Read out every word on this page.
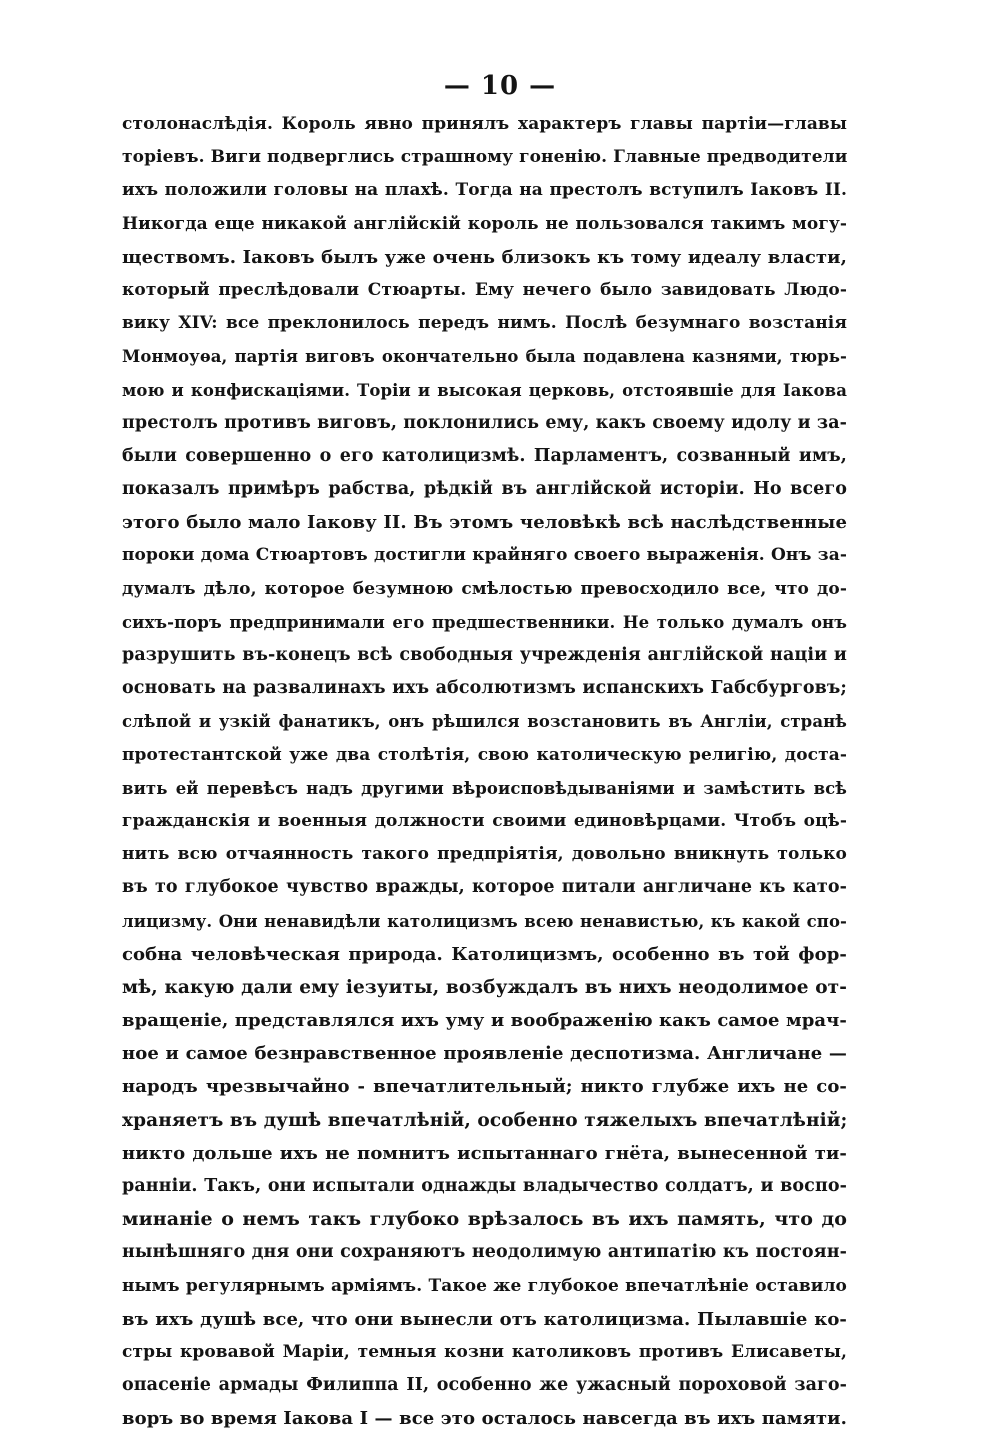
— 10 —
столонаслѣдія. Король явно принялъ характеръ главы партіи—главы
торіевъ. Виги подверглись страшному гоненію. Главные предводители
ихъ положили головы на плахѣ. Тогда на престолъ вступилъ Іаковъ II.
Никогда еще никакой англійскій король не пользовался такимъ могу-
ществомъ. Іаковъ былъ уже очень близокъ къ тому идеалу власти,
который преслѣдовали Стюарты. Ему нечего было завидовать Людо-
вику XIV: все преклонилось передъ нимъ. Послѣ безумнаго возстанія
Монмоуѳа, партія виговъ окончательно была подавлена казнями, тюрь-
мою и конфискаціями. Торіи и высокая церковь, отстоявшіе для Іакова
престолъ противъ виговъ, поклонились ему, какъ своему идолу и за-
были совершенно о его католицизмѣ. Парламентъ, созванный имъ,
показалъ примѣръ рабства, рѣдкій въ англійской исторіи. Но всего
этого было мало Іакову II. Въ этомъ человѣкѣ всѣ наслѣдственные
пороки дома Стюартовъ достигли крайняго своего выраженія. Онъ за-
думалъ дѣло, которое безумною смѣлостью превосходило все, что до-
сихъ-поръ предпринимали его предшественники. Не только думалъ онъ
разрушить въ-конецъ всѣ свободныя учрежденія англійской націи и
основать на развалинахъ ихъ абсолютизмъ испанскихъ Габсбурговъ;
слѣпой и узкій фанатикъ, онъ рѣшился возстановить въ Англіи, странѣ
протестантской уже два столѣтія, свою католическую религію, доста-
вить ей перевѣсъ надъ другими вѣроисповѣдываніями и замѣстить всѣ
гражданскія и военныя должности своими единовѣрцами. Чтобъ оцѣ-
нить всю отчаянность такого предпріятія, довольно вникнуть только
въ то глубокое чувство вражды, которое питали англичане къ като-
лицизму. Они ненавидѣли католицизмъ всею ненавистью, къ какой спо-
собна человѣческая природа. Католицизмъ, особенно въ той фор-
мѣ, какую дали ему іезуиты, возбуждалъ въ нихъ неодолимое от-
вращеніе, представлялся ихъ уму и воображенію какъ самое мрач-
ное и самое безнравственное проявленіе деспотизма. Англичане —
народъ чрезвычайно - впечатлительный; никто глубже ихъ не со-
храняетъ въ душѣ впечатлѣній, особенно тяжелыхъ впечатлѣній;
никто дольше ихъ не помнитъ испытаннаго гнёта, вынесенной ти-
ранніи. Такъ, они испытали однажды владычество солдатъ, и воспо-
минаніе о немъ такъ глубоко врѣзалось въ ихъ память, что до
нынѣшняго дня они сохраняютъ неодолимую антипатію къ постоян-
нымъ регулярнымъ арміямъ. Такое же глубокое впечатлѣніе оставило
въ ихъ душѣ все, что они вынесли отъ католицизма. Пылавшіе ко-
стры кровавой Маріи, темныя козни католиковъ противъ Елисаветы,
опасеніе армады Филиппа II, особенно же ужасный пороховой заго-
воръ во время Іакова I — все это осталось навсегда въ ихъ памяти.
